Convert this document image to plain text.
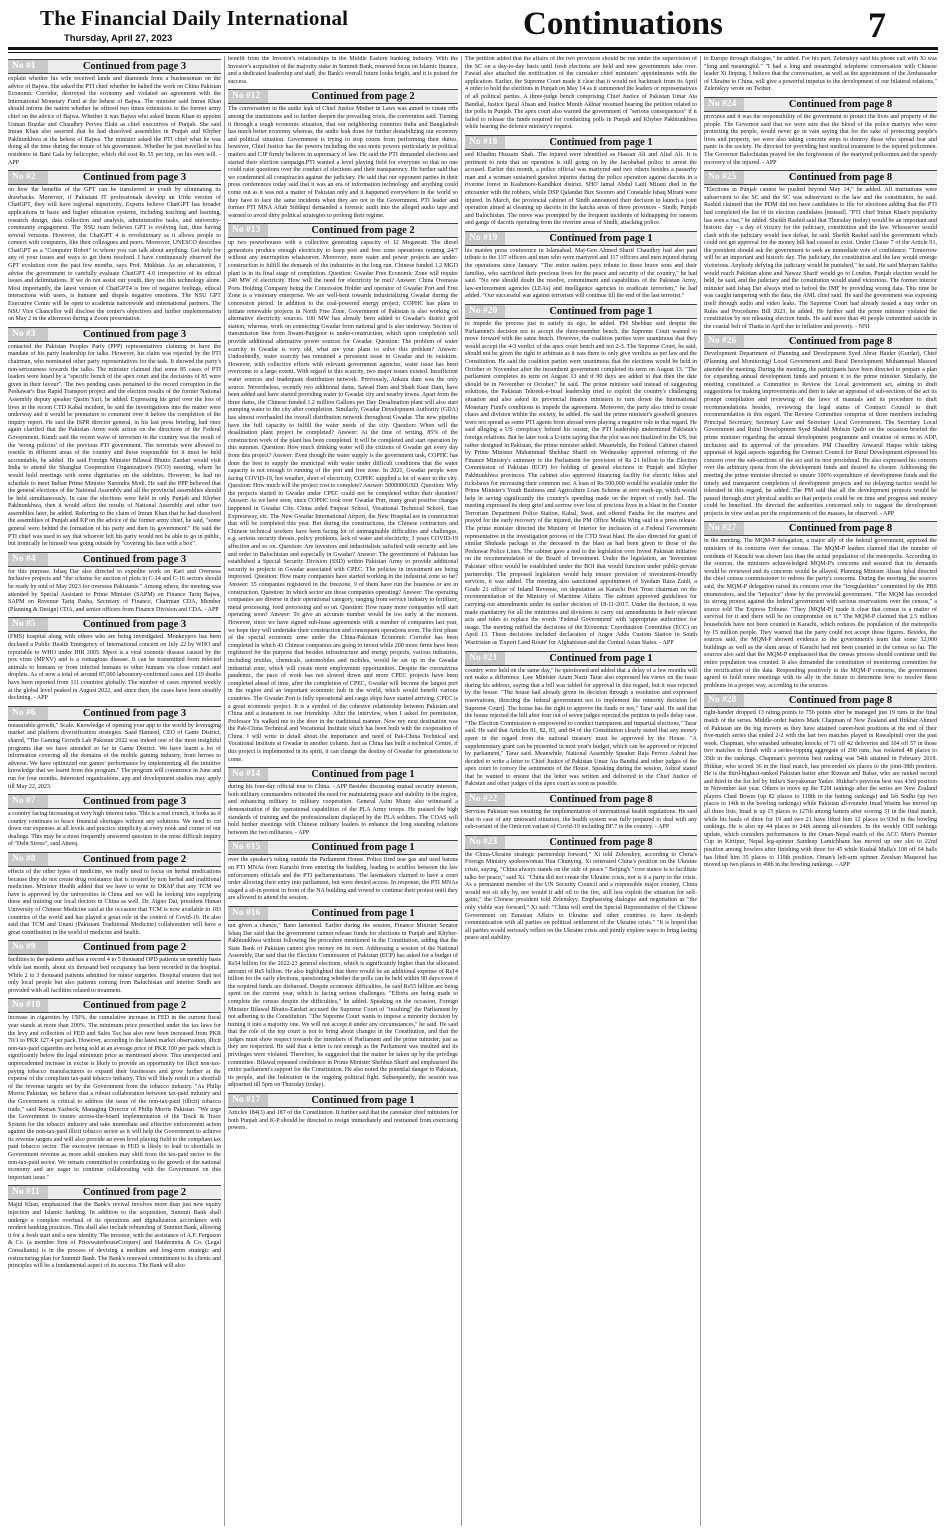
The Financial Daily International
Thursday, April 27, 2023	Continuations	7
No #1	Continued from page 3

explain whether his wife received lands and diamonds from a businessman on the advice of Bajwa. She asked the PTI chief whether he halted the work on China Pakistan Economic Corridor, destroyed the economy and violated an agreement with the International Monetary Fund at the behest of Bajwa. The minister said Imran Khan should inform the nation whether he offered two times extensions to the former army chief on the advice of Bajwa. Whether it was Bajwa who asked Imran Khan to appoint Usman Buzdar and Chaudhry Pervez Elahi as chief executives of Punjab. She said Imran Khan also asserted that he had dissolved assemblies in Punjab and Khyber Pakhtunkhwa at the behest of Bajwa. The minister asked the PTI chief what he was doing all the time during the tenure of his government. Whether he just travelled to his residence in Bani Gala by helicopter, which did cost Rs 55 per trip, on his own will. - APP

No #2	Continued from page 3

on how the benefits of the GPT can be transferred to youth by eliminating its drawbacks. Moreover, if Pakistani IT professionals develop an Urdu version of ChatGPT, they will have regional superiority. Experts believe ChatGPT has broader applications in basic and higher education systems, including teaching and learning, research design, data collection and analysis, administrative tasks, and university-community engagement. The NSU team believes GPT is evolving fast, thus having several versions. However, the ChatGPT 4 is revolutionary as it allows people to connect with computers, like their colleagues and peers. Moreover, UNESCO describes ChatGPT as a "Computer Robot" to whom you can talk about anything. Get help for any of your issues and ways to get them resolved. I have continuously observed the GPT evolution over the past few months, says Prof. Mukhtar. As an educationist, I advise the government to carefully evaluate ChatGPT 4.0 irrespective of its ethical issues and delimitations. If we do not assist our youth, they use this technology alone. Most importantly, the latest version of ChatGPT4 is free of negative feelings, ethical interactions with users, is humane and dispels negative emotions. The NSU GPT Executive Center will be open to academia nationwide and international partners. The NSU Vice Chancellor will disclose the center's objectives and further implementation on May 2 in the afternoon during a Zoom presentation.

No #3	Continued from page 3

contacted the Pakistan Peoples Party (PPP) representatives claiming to have the mandate of his party leadership for talks. However, his claim was rejected by the PTI chairman, who nominated other party representatives for the task. It showed the party's non-seriousness towards the talks. The minister claimed that some 85 cases of PTI leaders were heard by a "specific bench of the apex court and the decisions of 85 were given in their favour". The two pending cases pertained to the record corruption in the Peshawar's Bus Rapid Transport project and the election results of the former National Assembly deputy speaker Qasim Suri, he added. Expressing his grief over the loss of lives in the recent CTD Kabal incident, he said the investigations into the matter were underway and it would be premature to comment over it before the completion of the inquiry report. He said the ISPR director general, in his last press briefing, had once again clarified that the Pakistan Army took action on the directions of the Federal Government. Kundi said the recent wave of terrorism in the country was the result of the 'wrong policies' of the previous PTI government. The terrorists were allowed to resettle in different areas of the country and those responsible for it must be held accountable, he added. He said Foreign Minister Bilawal Bhutto Zardari would visit India to attend the Shanghai Cooperation Organization's (SCO) meeting, where he would hold meetings with some dignitaries on the sidelines. However, he had no schedule to meet Indian Prime Minister Narendra Modi. He said the PPP believed that the general elections of the National Assembly and all the provincial assemblies should be held simultaneously. In case the elections were held in only Punjab and Khyber Pakhtunkhwa, then it would affect the results of National Assembly and other two assemblies later, he added. Referring to the claim of Imran Khan that he had dissolved the assemblies of Punjab and KP on the advice of the former army chief, he said, "some general were behind the formation of his party and then its government." He said the PTI chief was used to say that whoever left his party would not be able to go in public, but ironically he himself was going outside by "covering his face with a box".

No #4	Continued from page 3

for this purpose. Ishaq Dar also directed to expedite work on Kari and Overseas Inclusive projects and "the scheme for auction of plots in C-14 and C-16 sectors should be ready by mid of May 2023 for overseas Pakistanis." Among others, the meeting was attended by Special Assistant to Prime Minister (SAPM) on Finance Tariq Bajwa, SAPM on Revenue Tariq Pasha, Secretary of Finance, Chairman CDA, Member (Planning & Design) CDA, and senior officers from Finance Division and CDA. - APP

No #5	Continued from page 3

(FMS) hospital along with others who are being investigated. Monkeypox has been declared a Public Health Emergency of International concern on July 22 by WHO and reportable to WHO under IHR 2005. Mpox is a viral zoonotic disease caused by the pox virus (MPXV) and is a contagious disease. It can be transmitted from infected animals to humans or from infected humans to other humans via close contact and droplets. As of now a total of around 87,000 laboratory-confirmed cases and 119 deaths have been reported from 111 countries globally. The number of cases reported weekly at the global level peaked in August 2022, and since then, the cases have been steadily declining. - APP

No #6	Continued from page 3

measurable growth," Scale. Knowledge of opening your app to the world by leveraging market and platform diversification strategies. Saad Hameed, CEO of Game District, shared, "The Gaming Growth Lab Pakistan 2022 was indeed one of the most insightful programs that we have attended so far in Game District. We have learnt a lot of information covering all the domains of the mobile gaming industry, from heroes to adverse. We have optimized our games' performance by implementing all the intuitive knowledge that we learnt from this program." The program will commence in June and run for four months. Interested organizations, app and development studios may apply till May 22, 2023.

No #7	Continued from page 3

a country facing increasing at very high interest rates. This is a real crunch, it looks as if country continues to brace financial shortages without any solutions. We need to cut down our expenses at all levels and practice simplicity at every nook and corner of our dealings. This may be a most frequently answered question to the most difficult inquiry of "Debt Stress", said Atteeq.

No #8	Continued from page 2

effects of the other types of medicine, we really need to focus on herbal medications because they do not create drug resistance that is created by non herbal and traditional medicines. Minister Health added that we have to write to DRAP that any TCM we have is approved by the universities in China and we will be looking into supplying these and training our local doctors in China as well. Dr. Aiguo Dai, president Hunan University of Chinese Medicine said at the occasion that TCM is now available in 183 countries of the world and has played a great role in the control of Covid-19. He also said that TCM and Unani (Pakistani Traditional Medicine) collaboration will have a great contribution in the world of medicine and health.

No #9	Continued from page 2

facilities to the patients and has a record 4 to 5 thousand OPD patients on monthly basis while last month, about six thousand bed occupancy has been recorded in the hospital. While 2 to 3 thousand patients admitted for minor surgeries. Hospital ensures that not only local people but also patients coming from Baluchistan and interior Sindh are provided with all facilities related to treatment.

No #10	Continued from page 2

increase in cigarettes by 150%, the cumulative increase in FED in the current fiscal year stands at more than 200%. The minimum price prescribed under the tax laws for the levy and collection of FED and Sales Tax has also now been increased from PKR 70/1 to PKR 127.4 per pack. However, according to the latest market observation, illicit non-tax-paid cigarettes are being sold at an average price of PKR 100 per pack which is significantly below the legal minimum price as mentioned above. This unexpected and unprecedented increase in excise is likely to provide an opportunity for illicit non-tax-paying tobacco manufacturers to expand their businesses and grow further at the expense of the compliant tax-paid tobacco industry. This will likely result in a shortfall of the revenue targets set by the Government from the tobacco industry. "As Philip Morris Pakistan, we believe that a robust collaboration between tax-paid industry and the Government is critical to address the issue of the non-tax-paid (illicit) tobacco trade," said Roman Yazbeck, Managing Director of Philip Morris Pakistan. "We urge the Government to ensure across-the-board implementation of the Track & Trace System for the tobacco industry and take immediate and effective enforcement action against the non-tax-paid illicit tobacco sector as it will help the Government to achieve its revenue targets and will also provide an even level playing field to the compliant tax paid tobacco sector. The excessive increase in FED is likely to lead to shortfalls in Government revenue as more adult smokers may shift from the tax-paid sector to the non-tax-paid sector. We remain committed to contributing to the growth of the national economy and are eager to continue collaborating with the Government on this important issue."

No #11	Continued from page 2

Majid Khan, emphasized that the Bank's revival involves more than just new equity injection and Islamic banking. In addition to the acquisition, Summit Bank shall undergo a complete overhaul of its operations and digitalization accordance with modern banking practices. This shall also include rebranding of Summit Bank, allowing it for a fresh start and a new identity. The investor, with the assistance of A.F. Ferguson & Co. (a member firm of PricewaterhouseCoopers) and Haidermota & Co. (Legal Consultants) is in the process of devising a medium and long-term strategic and restructuring plan for Summit Bank. The Bank's renewed commitment to its clients and principles will be a fundamental aspect of its success. The Bank will also

benefit from the Investor's relationships in the Middle Eastern banking industry. With the Investor's acquisition of the majority stake in Summit Bank, renewed focus on Islamic finance, and a dedicated leadership and staff, the Bank's overall future looks bright, and it is poised for success.

No #12	Continued from page 2

The conversation in the audio leak of Chief Justice Mother in Laws was aimed to create rifts among the institutions and to further deepen the prevailing crisis, the convention said. Turning it through a tough economic situation, that our neighboring countries India and Bangladesh has much better economy whereas, the audio leak done for further destabilizing our economy and political situation. Government is trying to stop courts from performing their duties, however, Chief Justice has the powers including the suo motu powers particularly in political matters and CJP firmly believes in supremacy of law. He said the PTI demanded elections and started their election campaign.PTI wanted a level playing field for everyone so that no one could raise questions over the conduct of elections and their transparency. He further said that we condemned all conspiracies against the judiciary. He said that our opponent parties in their press conferences today said that it was an era of information technology and anything could come out as it was not a matter of Pakistan only and it happened everywhere in the world so they have to face the same incidents when they are not in the Government. PTI leader and former PTI MNA Aftab Siddiqui demanded a forensic audit into the alleged audio tape and warned to avoid dirty political strategies to prolong their regime.

No #13	Continued from page 2

up two powerhouses with a collective generating capacity of 12 Megawatt. The diesel generators produce enough electricity to keep port and free zone operations running 24/7 without any interruption whatsoever. Moreover, more water and power projects are under-construction to fulfill the demands of the industries in the long run. Chinese funded 1.2 MGD plant is in its final stage of completion. Question: Gwadar Free Economic Zone will require 240 MW of electricity. How will the need for electricity be met? Answer: China Overseas Ports Holding Company being the Concession Holder and operator of Gwadar Port and Free Zone is a visionary enterprise. We are well-bent towards industrializing Gwadar during the concession period. In addition to the coal-powered energy project, COPHC has plans to initiate renewable projects in North Free Zone. Government of Pakistan is also working on alternative electricity sources. 100 MW has already been added to Gwadar's district grid station, whereas, work on connecting Gwadar from national grid is also underway. Section of transmission line from Jiwani-Panjgoor is under-construction, which upon completion will provide additional alternative power sources for Gwadar. Question: The problem of water scarcity in Gwadar is very old, what are your plans to solve this problem? Answer: Undoubtedly, water scarcity has remained a persistent issue in Gwadar and its outskirts. However, with collective efforts with relevant government agencies, water issue has been overcome to a large extent. With regard to this scarcity, two major issues existed. Insufficient water sources and inadequate distribution network. Previously, Ankara dam was the only source. Nevertheless, recently two additional dams, Sawad Dam and Shadi Kaur Dam, have been added and have started providing water to Gwadar city and nearby towns. Apart from the three dams, the Chinese funded 1.2 million Gallons per Day Desalination plant will also start pumping water to the city after completion. Similarly, Gwadar Development Authority (GDA) has almost overhauled the overall distribution network throughout Gwadar. The new pipeline have the full capacity to fulfill the water needs of the city. Question: When will the desalination plant project be completed? Answer: At the time of writing, 85% of the construction work of the plant has been completed. It will be completed and start operation by this summer. Question: How much drinking water will the citizens of Gwadar get every day from this project? Answer: Even though the water supply is the government task, COPHC has done the best to supply the municipal with water under difficult conditions that the water capacity is not enough to running of the port and free zone. In 2021, Gwadar people were facing COVID-19, hot weather, short of electricity, COPHC supplied a lot of water to the city. Question: How much will the project cost to complete? Answer: 5000000USD. Question: Why the projects started in Gwadar under CPEC could not be completed within their duration? Answer: As we have seen, since COPHC took over Gwadar Port, many great positive changes happened in Gwadar City. China aided Fuqwar School, Vocational Technical School, East Expressway, etc. The New Gwadar International Airport, the New Hospital are in construction that will be completed this year. But during the constructions, the Chinese contractors and Chinese technical workers have been facing lot of unimaginable difficulties and challenges, e.g. serious security threats, policy problems, lack of water and electricity, 3 years COVID-19 affection and so on. Question: Are investors and industrialists satisfied with security and law and order in Balochistan and especially in Gwadar? Answer: The government of Pakistan has established a Special Security Division (SSD) within Pakistan Army to provide additional security to projects in Gwadar associated with CPEC. The policies in investment are being improved. Question: How many companies have started working in the industrial zone so far? Answer: 35 companies registered in the freezone, 9 of them have run the business or are in construction. Question: In which sector are those companies operating? Answer: The operating companies are diverse in their operational category, ranging from service industry to fertilizer, metal processing, food processing and so on. Question: How many more companies will start operating soon? Answer: To give an accurate number would be too early at the moment. However, since we have signed sub-lease agreements with a number of companies last year, we hope they will undertake their construction and consequent operations soon. The first phase of the special economic zone under the China-Pakistan Economic Corridor has been completed in which 43 Chinese companies are going to invest while 200 more firms have been registered for the purpose that besides infrastructure and energy projects, various industries, including textiles, chemicals, automobiles and mobiles, would be set up in the Gwadar industrial zone, which will create more employment opportunities. Despite the coronavirus pandemic, the pace of work has not slowed down and more CPEC projects have been completed ahead of time, after the completion of CPEC, Gwadar will become the largest port in the region and an important economic hub in the world, which would benefit various countries. The Gwadar Port is fully operational and cargo ships have started arriving. CPEC is a great economic project. It is a symbol of the cohesive relationship between Pakistan and China and a testament to our friendship. After the interview, when I asked for permission, Professor Yu walked me to the door in the traditional manner. Now my next destination was the Pak-China Technical and Vocational Institute which has been built with the cooperation of China. I will write in detail about the importance and need of Pak-China Technical and Vocational Institute at Gwadar in another column. Just as China has built a technical Centre, if this project is implemented in its spirit, it can change the destiny of Gwadar for generations to come.

No #14	Continued from page 1

during his four-day official tour to China. - APP Besides discussing mutual security interests, both military commanders reiterated the need for maintaining peace and stability in the region, and enhancing military to military cooperation. General Asim Munir also witnessed a demonstration of the operational capabilities of the PLA Army troops. He praised the high standards of training and the professionalism displayed by the PLA soldiers. The COAS will hold further meetings with Chinese military leaders to enhance the long standing relations between the two militaries. - APP

No #15	Continued from page 1

over the speaker's ruling outside the Parliament House. Police fired tear gas and used batons on PTI MNAs from Karachi from entering the building, leading to scuffles between the law enforcement officials and the PTI parliamentarians. The lawmakers claimed to have a court order allowing their entry into parliament, but were denied access. In response, the PTI MNAs staged a sit-in protest in front of the NA building and vowed to continue their protest until they are allowed to attend the session.

No #16	Continued from page 1

not given a chance," Bano lamented. Earlier during the session, Finance Minister Senator Ishaq Dar said that the government cannot release funds for elections in Punjab and Khyber-Pakhtunkhwa without following the procedure mentioned in the Constitution, adding that the State Bank of Pakistan cannot give money on its own. Addressing a session of the National Assembly, Dar said that the Election Commission of Pakistan (ECP) has asked for a budget of Rs54 billion for the 2022-23 general elections, which is significantly higher than the allocated amount of Rs5 billion. He also highlighted that there would be an additional expense of Rs14 billion for the early elections, questioning whether the polls can be held within 90 days even if the required funds are disbursed. Despite economic difficulties, he said Rs55 billion are being spent on the current year, which is facing serious challenges. "Efforts are being made to complete the census despite the difficulties," he added. Speaking on the occasion, Foreign Minister Bilawal Bhutto-Zardari accused the Supreme Court of "insulting" the Parliament by not adhering to the Constitution. "The Supreme Court wants to impose a minority decision by turning it into a majority one. We will not accept it under any circumstances," he said. He said that the role of the top court is not to bring about changes in the Constitution, and that the judges must show respect towards the members of Parliament and the prime minister, just as they are respected. He said that a letter is not enough as the Parliament was insulted and its privileges were violated. Therefore, he suggested that the matter be taken up by the privilege committee. Bilawal repeated confidence in Prime Minister Shehbaz Sharif and emphasised the entire parliament's support for the Constitution. He also noted the potential danger to Pakistan, its people, and the federation in the ongoing political fight. Subsequently, the session was adjourned till 5pm on Thursday (today).

No #17	Continued from page 1

Articles 184(3) and 187 of the Constitution. It further said that the caretaker chief ministers for both Punjab and K-P should be directed to resign immediately and restrained from exercising powers.

The petition added that the affairs of the two provinces should be run under the supervision of the SC on a day-to-day basis until fresh elections are held and new governments take over. Fawad also attached the notification of the caretaker chief ministers' appointments with the application. Earlier, the Supreme Court made it clear that it would not backtrack from its April 4 order to hold the elections in Punjab on May 14 as it summoned the leaders or representatives of all political parties. A three-judge bench comprising Chief Justice of Pakistan Umar Ata Bandial, Justice Ijazul Ahsan and Justice Munib Akhtar resumed hearing the petition related to the polls in Punjab. The apex court also warned the government of "serious consequences" if it failed to release the funds required for conducting polls in Punjab and Khyber Pakhtunkhwa while hearing the defence ministry's request.

No #18	Continued from page 1

and Khadim Hussain Shah. The injured were identified as Hassan Ali and Altaf Ali. It is pertinent to note that an operation is still going on by the Jacobabad police to arrest the accused. Earlier this month, a police official was martyred and two others besides a passerby man and a woman sustained gunshot injuries during the police operation against dacoits in a riverine forest in Kashmore-Kandhkot district. SHO Jamal Abdul Latif Mirani died in the encounter with the robbers, while DSP Qalandar Bux Soomro and Constable Ishaq Mirani were injured. In March, the provincial cabinet of Sindh announced their decision to launch a joint operation aimed at cleaning up dacoits in the katcha areas of three provinces - Sindh, Punjab and Balochistan. The move was prompted by the frequent incidents of kidnapping for ransom and gangs of dacoits operating from the riverine areas of Sindh, attacking police.

No #19	Continued from page 1

his maiden press conference in Islamabad. Maj-Gen Ahmed Sharif Chaudhry had also paid tribute to the 137 officers and men who were martyred and 117 officers and men injured during the operations since January. "The entire nation pays tribute to these brave sons and their families, who sacrificed their precious lives for the peace and security of the country," he had said. "No one should doubt the resolve, commitment and capabilities of the Pakistan Army, law-enforcement agencies (LEAs) and intelligence agencies to eradicate terrorism," he had added. "Our successful war against terrorism will continue till the end of the last terrorist."

No #20	Continued from page 1

to impede the process just to satisfy its ego; he added. PM Shehbaz said despite the Parliament's decision not to accept the three-member bench, the Supreme Court wanted to move forward with the same bench. However, the coalition parties were unanimous that they would accept the 4-3 verdict of the apex court bench and not 2-3. The Supreme Court, he said, should not be given the right to arbitrate as it was there to only give verdicts as per law and the Constitution. He said the coalition parties were unanimous that the elections would be held in October or November after the incumbent government completed its term on August 13. "The parliament completes its term on August 13 and if 90 days are added to that then the date should be in November or October," he said. The prime minister said instead of suggesting solutions, the Pakistan Tehreek-e-Insaf leadership tried to exploit the country's challenging situation and also asked its provincial finance ministers to turn down the International Monetary Fund's conditions to impede the agreement. Moreover, the party also tried to create chaos and division within the society, he added. He said the prime minister's goodwill gestures were not spread as some PTI agents from abroad were playing a negative role in that regard. He said alleging a US conspiracy behind his ouster, the PTI leadership undermined Pakistan's foreign relations. But he later took a U-turn saying that the plot was not finalized in the US, but rather designed in Pakistan, the prime minister added. Meanwhile, the Federal Cabinet chaired by Prime Minister Muhammad Shehbaz Sharif on Wednesday approved referring of the Finance Ministry's summary to the Parliament for provision of Rs 21 billion to the Election Commission of Pakistan (ECP) for holding of general elections in Punjab and Khyber Pakhtunkhwa provinces. The cabinet also approved financing facility for electric bikes and rickshaws for increasing their common use. A loan of Rs 500,000 would be available under the Prime Minister's Youth Business and Agriculture Loan Scheme at zero mark-up, which would help in saving significantly the country's spending made on the import of costly fuel. The meeting expressed its deep grief and sorrow over loss of precious lives in a blast in the Counter Terrorism Department Police Station, Kabal, Swat, and offered Fateha for the martyrs and prayed for the early recovery of the injured, the PM Office Media Wing said in a press release. The prime minister directed the Ministry of Interior for inclusion of a Federal Government representative in the investigation process of the CTD Swat blast. He also directed for grant of similar Shuhada package to the deceased in the blast as had been given to those of the Peshawar Police Lines. The cabinet gave a nod to the legislation over Invest Pakistan initiative on the recommendation of the Board of Investment. Under the legislation, an 'Investment Pakistan' office would be established under the BOI that would function under public-private partnership. The proposed legislation would help ensure provision of investment-friendly services, it was added. The meeting also sanctioned appointment of Syedain Raza Zaidi, a Grade 21 officer of Inland Revenue, on deputation as Karachi Port Trust chairman on the recommendation of the Ministry of Maritime Affairs. The cabinet approved guidelines for carrying out amendments under its earlier decision of 18-11-2017. Under the decision, it was made mandatory for all the ministries and divisions to carry out amendments in their relevant acts and rules to replace the words 'Federal Government' with 'appropriate authorities' for usage. The meeting ratified the decisions of the Economic Coordination Committee (ECC) on April 13. These decisions included declaration of Angor Adda Custom Station in South Waziristan as 'Export Land Route' for Afghanistan and the Central Asian States. - APP

No #21	Continued from page 1

country were held on the same day," he questioned and added that a delay of a few months will not make a difference. Law Minister Azam Nazir Tarar also expressed his views on the issue during his address, saying that a bill was tabled for approval in this regard, but it was rejected by the house. "The house had already given its decision through a resolution and expressed reservations, directing the federal government not to implement the minority decision [of Supreme Court]. The house has the right to approve the funds or not," Tarar said. He said that the house rejected the bill after four out of seven judges rejected the petition in polls delay case. "The Election Commission is empowered to conduct transparent and impartial elections," Tarar said. He said that Articles 81, 82, 83, and 84 of the Constitution clearly stated that any money spent in the regard from the national treasury must be approved by the House. "A supplementary grant can be presented in next year's budget, which can be approved or rejected by parliament," Tarar said. Meanwhile, National Assembly Speaker Raja Pervez Ashraf has decided to write a letter to Chief Justice of Pakistan Umar Ata Bandial and other judges of the apex court to convey the sentiments of the House. Speaking during the session, Ashraf stated that he wanted to ensure that the letter was written and delivered to the Chief Justice of Pakistan and other judges of the apex court as soon as possible.

No #22	Continued from page 8

Services Pakistan was ensuring the implementation of international health regulations. He said that in case of any untoward situation, the health system was fully prepared to deal with any sub-variant of the Omicron variant of Covid-19 including BF.7 in the country. - APP

No #23	Continued from page 8

the China-Ukraine strategic partnership forward," Xi told Zelenskyy, according to China's Foreign Ministry spokeswoman Hua Chunying. Xi reiterated China's position on the Ukraine crisis, saying, "China always stands on the side of peace." Beijing's "core stance is to facilitate talks for peace," said Xi. "China did not create the Ukraine crisis, nor is it a party to the crisis. As a permanent member of the UN Security Council and a responsible major country, China would not sit idly by, nor would it add oil to the fire, still less exploit the situation for self-gains," the Chinese president told Zelenskyy. Emphasising dialogue and negotiation as "the only viable way forward," Xi said: "China will send the Special Representative of the Chinese Government on Eurasian Affairs to Ukraine and other countries to have in-depth communication with all parties on political settlement of the Ukraine crisis." "It is hoped that all parties would seriously reflect on the Ukraine crisis and jointly explore ways to bring lasting peace and stability

to Europe through dialogue," he added. For his part, Zelenskyy said his phone call with Xi was "long and meaningful." "I had a long and meaningful telephone conversation with Chinese leader Xi Jinping. I believe that the conversation, as well as the appointment of the Ambassador of Ukraine to China, will give a powerful impetus to the development of our bilateral relations," Zelenskyy wrote on Twitter.

No #24	Continued from page 8

province and it was the responsibility of the government to protect the lives and property of the people. The Governor said that we were sure that the blood of the police martyrs who were protecting the people, would never go in vain saying that for the sake of protecting people's lives and property, we were also taking concrete steps to destroy those who spread fear and panic in the society. He directed for providing best medical treatment to the injured policemen. The Governor Balochistan prayed for the forgiveness of the martyred policemen and the speedy recovery of the injured. - APP

No #25	Continued from page 8

"Elections in Punjab cannot be pushed beyond May 14," he added. All institutions were subservient to the SC and the SC was subservient to the law and the constitution, he said. Rashid claimed that the PDM did not have candidates to file for elections adding that the PTI had completed the list of its election candidates [instead]. "PTI chief Imran Khan's popularity has seen a rise," he added. Sheikh Rashid said that Thursday (today) would be an important and historic day - a day of victory for the judiciary, constitution and the law. Whosoever would clash with the judiciary would face defeat, he said. Sheikh Rashid said the government which could not get approval for the money bill had ceased to exist. Under Clause 7 of the Article 91, the president should ask the government to seek an immediate vote of confidence. "Tomorrow will be an important and historic day. The judiciary, the constitution and the law would emerge victorious. Anybody defying the judiciary would be punished," he said. He said Maryam Sabiha would reach Pakistan alone and Nawaz Sharif would go to London. Punjab election would be held, he said, and the judiciary and the constitution would stand victorious. The former interior minister said Ishaq Dar always tried to befool the IMF by providing wrong data. This time he was caught tampering with the data, the AML chief said. He said the government was exposing itself through audio and video leaks. The Supreme Court had already issued a stay order on Rules and Procedures Bill 2023, he added. He further said the prime minister violated the constitution by not releasing election funds. He said more than 40 people committed suicide in the coastal belt of Thatta in April due to inflation and poverty. - NNI

No #26	Continued from page 8

Development Department of Planning and Development Syed Abrar Haider (Gurdar), Chief (Planning and Monitoring) Local Government and Rural Development Muhammad Masood attended the meeting. During the meeting, the participants have been directed to prepare a plan for expanding annual development funds and present it to the prime minister. Similarly, the meeting constituted a Committee to Review the Local government act, aiming to draft suggestions for making improvements and then to take an appraisal of sub-sections of the act its prompt compilation and reviewing of the laws of manuals and its procedure to draft recommendations besides, reviewing the legal status of Contract Council to draft recommendation in this regard. The Review Committee comprise of three members including Principal Secretary, Secretary Law and Secretary Local Government. The Secretary Local Government and Rural Development Syed Shahid Mohsin Qadri on the occasion briefed the prime minister regarding the annual development programme and creation of terms in ADP, inclusion and its approval of the procedure. PM Chaudhry Anwarul Haque while taking appraisal of legal aspects regarding the Contract Council for Rural Development expressed his concern over the sub-sections of the act and its non procedural. He also expressed his concern over the arbitrary quota from the development funds and desired its closure. Addressing the meeting the prime minister directed to ensure 100% expenditure of development funds and the timely and transparent completion of development projects and no delaying tactics would be tolerated in this regard, he added. The PM said that all the development projects would be passed through strict physical audits so that projects could be on time and progress and money could be benefited. He directed the authorities concerned only to suggest the development projects in view and as per the requirements of the masses, he observed. - APP

No #27	Continued from page 8

in the meeting. The MQM-P delegation, a major ally of the federal government, apprised the ministers of its concerns over the census. The MQM-P leaders claimed that the number of residents of Karachi was shown less than the actual population of the metropolis. According to the sources, the ministers acknowledged MQM-P's concerns and assured that its demands would be reviewed and its concerns would be allayed. Planning Minister Ahsan Iqbal directed the chief census commissioner to redress the party's concerns. During the meeting, the sources said, the MQM-P delegation raised its concern over the "irregularities" committed by the PBS enumerators, and the "injustice" done by the provincial government. "The MQM has recorded its strong protest against the federal government with serious reservations over the census," a source told The Express Tribune. "They [MQM-P] made it clear that census is a matter of survival for it and there will be no compromise on it." The MQM-P claimed that 2.5 million households have not been counted in Karachi, which reduces the population of the metropolis by 15 million people. They warned that the party could not accept those figures. Besides, the sources said, the MQM-P showed evidence to the government's team that some 32,000 buildings as well as the slum areas of Karachi had not been counted in the census so far. The sources also said that the MQM-P emphasised that the census process should continue until the entire population was counted. It also demanded the constitution of monitoring committee for the rectification of the data. Responding positively to the MQM-P concerns, the government agreed to hold more meetings with its ally in the future to determine how to resolve these problems in a proper way, according to the sources.

No #28	Continued from page 8

right-hander dropped 13 rating points to 756 points after he managed just 19 runs in the final match of the series. Middle-order batters Mark Chapman of New Zealand and Iftikhar Ahmed of Pakistan are the big movers as they have attained career-best positions at the end of their five-match series that ended 2-2 with the last two matches played in Rawalpindi over the past week. Chapman, who smashed unbeaten knocks of 71 off 42 deliveries and 104 off 57 in those two matches to finish with a series-topping aggregate of 290 runs, has rocketed 48 places to 35th in the rankings. Chapman's previous best ranking was 54th attained in February 2018. Iftikhar, who scored 36 in the final match, has proceeded six places to the joint-38th position. He is the third-highest-ranked Pakistan batter after Rizwan and Babar, who are ranked second and third in the list led by India's Suryakumar Yadav. Iftikhar's previous best was 43rd position in November last year. Others to move up the T20I rankings after the series are New Zealand players Chad Bowes (up 82 places to 118th in the batting rankings) and Ish Sodhi (up two places to 14th in the bowling rankings) while Pakistan all-rounder Imad Wasim has moved up all three lists. Imad is up 15 places to 127th among batters after scoring 31 in the final match, while his hauls of three for 19 and two 21 have lifted him 12 places to 93rd in the bowling rankings. He is also up 44 places to 24th among all-rounders. In the weekly ODI rankings update, which considers performances in the Oman-Nepal match of the ACC Men's Premier Cup in Kirtipur, Nepal leg-spinner Sandeep Lamichhane has moved up one slot to 22nd position among bowlers after finishing with three for 45 while Kushal Malla's 108 off 64 balls has lifted him 35 places to 110th position. Oman's left-arm spinner Zeeshan Maqsood has moved up two places to 49th in the bowling rankings. - APP
